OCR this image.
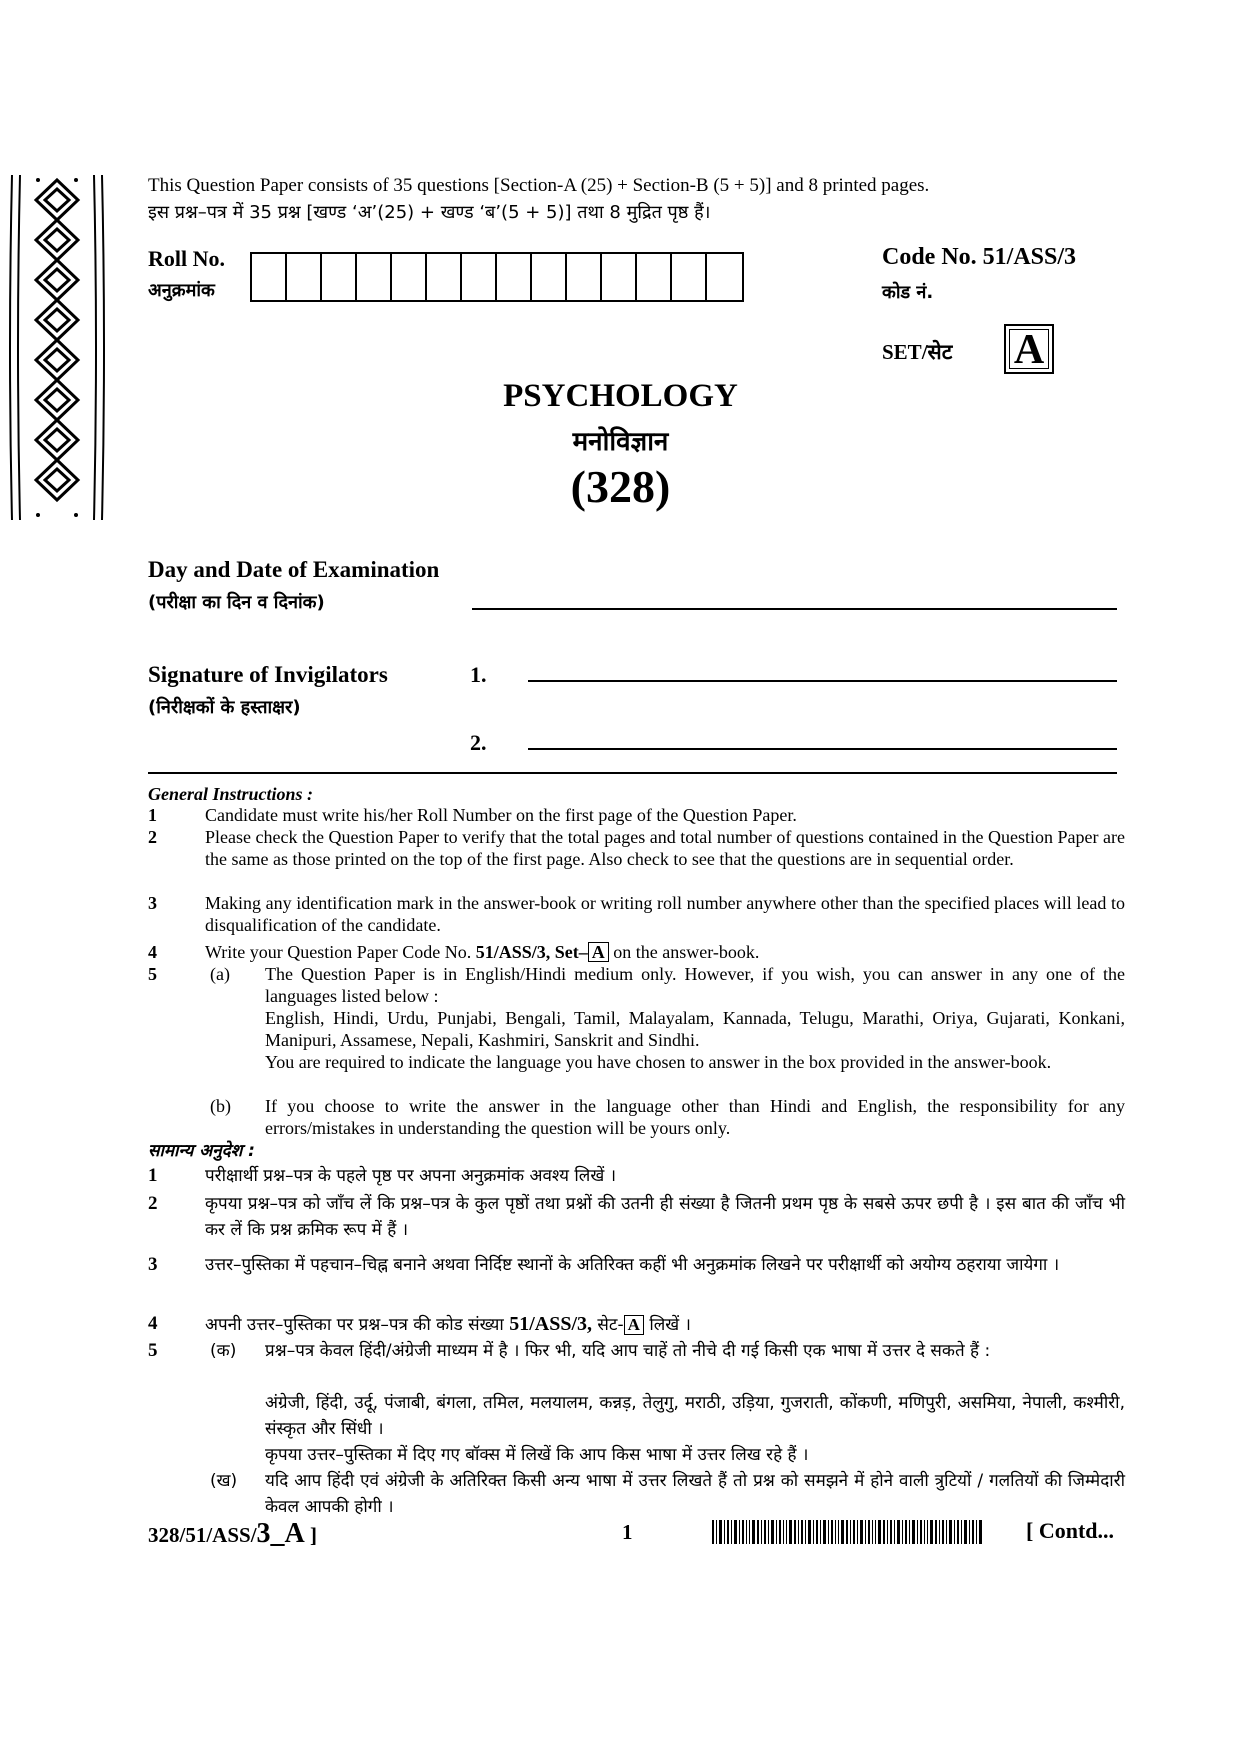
This Question Paper consists of 35 questions [Section-A (25) + Section-B (5 + 5)] and 8 printed pages.
इस प्रश्न–पत्र में 35 प्रश्न [खण्ड ‘अ’(25) + खण्ड ‘ब’(5 + 5)] तथा 8 मुद्रित पृष्ठ हैं।
Roll No.
अनुक्रमांक
Code No. 51/ASS/3
कोड नं.
SET/सेट A
PSYCHOLOGY
मनोविज्ञान
(328)
Day and Date of Examination
(परीक्षा का दिन व दिनांक)
Signature of Invigilators
(निरीक्षकों के हस्ताक्षर)
1.
2.
General Instructions :
1	Candidate must write his/her Roll Number on the first page of the Question Paper.
2	Please check the Question Paper to verify that the total pages and total number of questions contained in the Question Paper are the same as those printed on the top of the first page. Also check to see that the questions are in sequential order.
3	Making any identification mark in the answer-book or writing roll number anywhere other than the specified places will lead to disqualification of the candidate.
4	Write your Question Paper Code No. 51/ASS/3, Set– A on the answer-book.
5	(a) The Question Paper is in English/Hindi medium only. However, if you wish, you can answer in any one of the languages listed below :
English, Hindi, Urdu, Punjabi, Bengali, Tamil, Malayalam, Kannada, Telugu, Marathi, Oriya, Gujarati, Konkani, Manipuri, Assamese, Nepali, Kashmiri, Sanskrit and Sindhi.
You are required to indicate the language you have chosen to answer in the box provided in the answer-book.
(b) If you choose to write the answer in the language other than Hindi and English, the responsibility for any errors/mistakes in understanding the question will be yours only.
सामान्य अनुदेश :
1	परीक्षार्थी प्रश्न–पत्र के पहले पृष्ठ पर अपना अनुक्रमांक अवश्य लिखें ।
2	कृपया प्रश्न–पत्र को जाँच लें कि प्रश्न–पत्र के कुल पृष्ठों तथा प्रश्नों की उतनी ही संख्या है जितनी प्रथम पृष्ठ के सबसे ऊपर छपी है । इस बात की जाँच भी कर लें कि प्रश्न क्रमिक रूप में हैं ।
3	उत्तर–पुस्तिका में पहचान–चिह्न बनाने अथवा निर्दिष्ट स्थानों के अतिरिक्त कहीं भी अनुक्रमांक लिखने पर परीक्षार्थी को अयोग्य ठहराया जायेगा ।
4	अपनी उत्तर–पुस्तिका पर प्रश्न–पत्र की कोड संख्या 51/ASS/3, सेट- A लिखें ।
5	(क) प्रश्न–पत्र केवल हिंदी/अंग्रेजी माध्यम में है । फिर भी, यदि आप चाहें तो नीचे दी गई किसी एक भाषा में उत्तर दे सकते हैं :
अंग्रेजी, हिंदी, उर्दू, पंजाबी, बंगला, तमिल, मलयालम, कन्नड़, तेलुगु, मराठी, उड़िया, गुजराती, कोंकणी, मणिपुरी, असमिया, नेपाली, कश्मीरी, संस्कृत और सिंधी ।
कृपया उत्तर–पुस्तिका में दिए गए बॉक्स में लिखें कि आप किस भाषा में उत्तर लिख रहे हैं ।
(ख) यदि आप हिंदी एवं अंग्रेजी के अतिरिक्त किसी अन्य भाषा में उत्तर लिखते हैं तो प्रश्न को समझने में होने वाली त्रुटियों / गलतियों की जिम्मेदारी केवल आपकी होगी ।
328/51/ASS/3_A ]	1	[ Contd...
